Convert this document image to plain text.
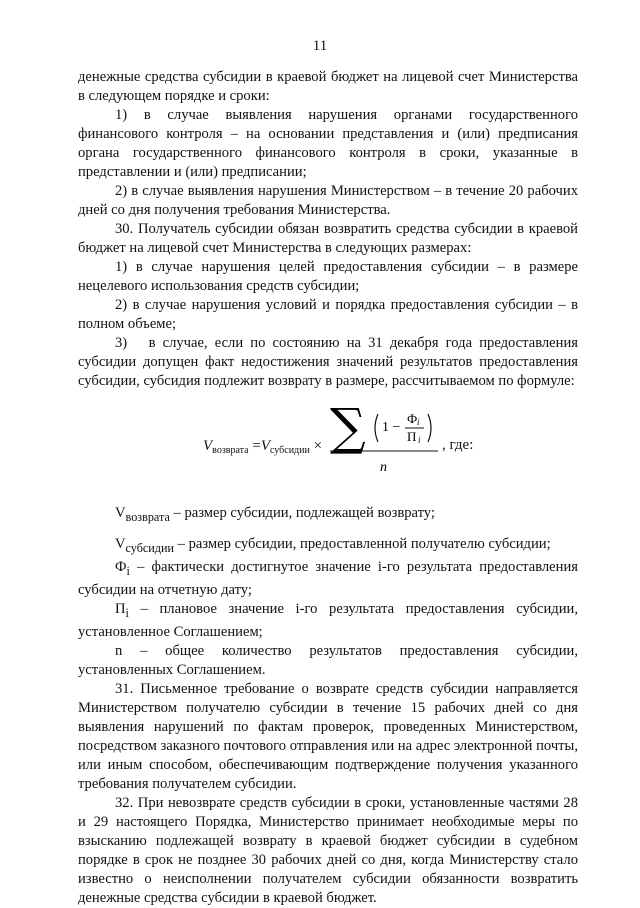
11

денежные средства субсидии в краевой бюджет на лицевой счет Министерства в следующем порядке и сроки:

1) в случае выявления нарушения органами государственного финансового контроля – на основании представления и (или) предписания органа государственного финансового контроля в сроки, указанные в представлении и (или) предписании;

2) в случае выявления нарушения Министерством – в течение 20 рабочих дней со дня получения требования Министерства.

30. Получатель субсидии обязан возвратить средства субсидии в краевой бюджет на лицевой счет Министерства в следующих размерах:

1) в случае нарушения целей предоставления субсидии – в размере нецелевого использования средств субсидии;

2) в случае нарушения условий и порядка предоставления субсидии – в полном объеме;

3)   в случае, если по состоянию на 31 декабря года предоставления субсидии допущен факт недостижения значений результатов предоставления субсидии, субсидия подлежит возврату в размере, рассчитываемом по формуле:

$V_{возврата} =V_{субсидии}$ × ∑ 1 −
Ф i
П i
n
, где:

$V_{возврата}$ – размер субсидии, подлежащей возврату;

$V_{субсидии}$ – размер субсидии, предоставленной получателю субсидии;

$Ф_i$ – фактически достигнутое значение i-го результата предоставления субсидии на отчетную дату;

$П_i$ – плановое значение i-го результата предоставления субсидии, установленное Соглашением;

n – общее количество результатов предоставления субсидии, установленных Соглашением.

31. Письменное требование о возврате средств субсидии направляется Министерством получателю субсидии в течение 15 рабочих дней со дня выявления нарушений по фактам проверок, проведенных Министерством, посредством заказного почтового отправления или на адрес электронной почты, или иным способом, обеспечивающим подтверждение получения указанного требования получателем субсидии.

32. При невозврате средств субсидии в сроки, установленные частями 28 и 29 настоящего Порядка, Министерство принимает необходимые меры по взысканию подлежащей возврату в краевой бюджет субсидии в судебном порядке в срок не позднее 30 рабочих дней со дня, когда Министерству стало известно о неисполнении получателем субсидии обязанности возвратить денежные средства субсидии в краевой бюджет.
